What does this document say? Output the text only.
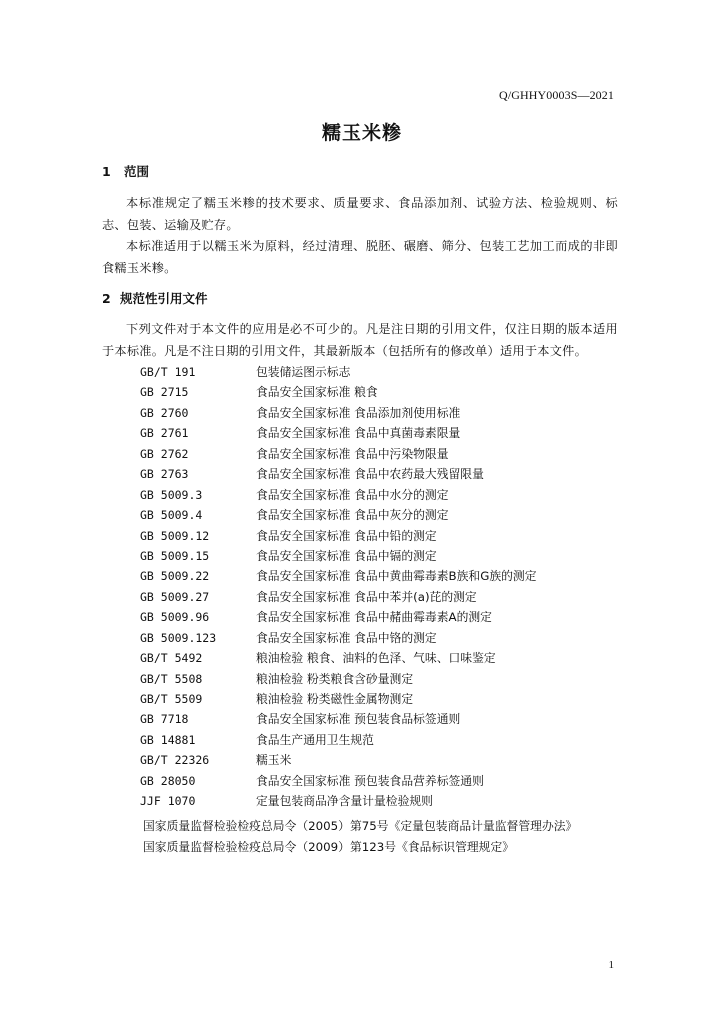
Q/GHHY0003S—2021
糯玉米糁
1 范围
本标准规定了糯玉米糁的技术要求、质量要求、食品添加剂、试验方法、检验规则、标志、包装、运输及贮存。
本标准适用于以糯玉米为原料，经过清理、脱胚、碾磨、筛分、包装工艺加工而成的非即食糯玉米糁。
2 规范性引用文件
下列文件对于本文件的应用是必不可少的。凡是注日期的引用文件，仅注日期的版本适用于本标准。凡是不注日期的引用文件，其最新版本（包括所有的修改单）适用于本文件。
GB/T 191	包装储运图示标志
GB 2715	食品安全国家标准 粮食
GB 2760	食品安全国家标准 食品添加剂使用标准
GB 2761	食品安全国家标准 食品中真菌毒素限量
GB 2762	食品安全国家标准 食品中污染物限量
GB 2763	食品安全国家标准 食品中农药最大残留限量
GB 5009.3	食品安全国家标准 食品中水分的测定
GB 5009.4	食品安全国家标准 食品中灰分的测定
GB 5009.12	食品安全国家标准 食品中铅的测定
GB 5009.15	食品安全国家标准 食品中镉的测定
GB 5009.22	食品安全国家标准 食品中黄曲霉毒素B族和G族的测定
GB 5009.27	食品安全国家标准 食品中苯并(a)芘的测定
GB 5009.96	食品安全国家标准 食品中赭曲霉毒素A的测定
GB 5009.123	食品安全国家标准 食品中铬的测定
GB/T 5492	粮油检验 粮食、油料的色泽、气味、口味鉴定
GB/T 5508	粮油检验 粉类粮食含砂量测定
GB/T 5509	粮油检验 粉类磁性金属物测定
GB 7718	食品安全国家标准 预包装食品标签通则
GB 14881	食品生产通用卫生规范
GB/T 22326	糯玉米
GB 28050	食品安全国家标准 预包装食品营养标签通则
JJF 1070	定量包装商品净含量计量检验规则
国家质量监督检验检疫总局令（2005）第75号《定量包装商品计量监督管理办法》
国家质量监督检验检疫总局令（2009）第123号《食品标识管理规定》
1
